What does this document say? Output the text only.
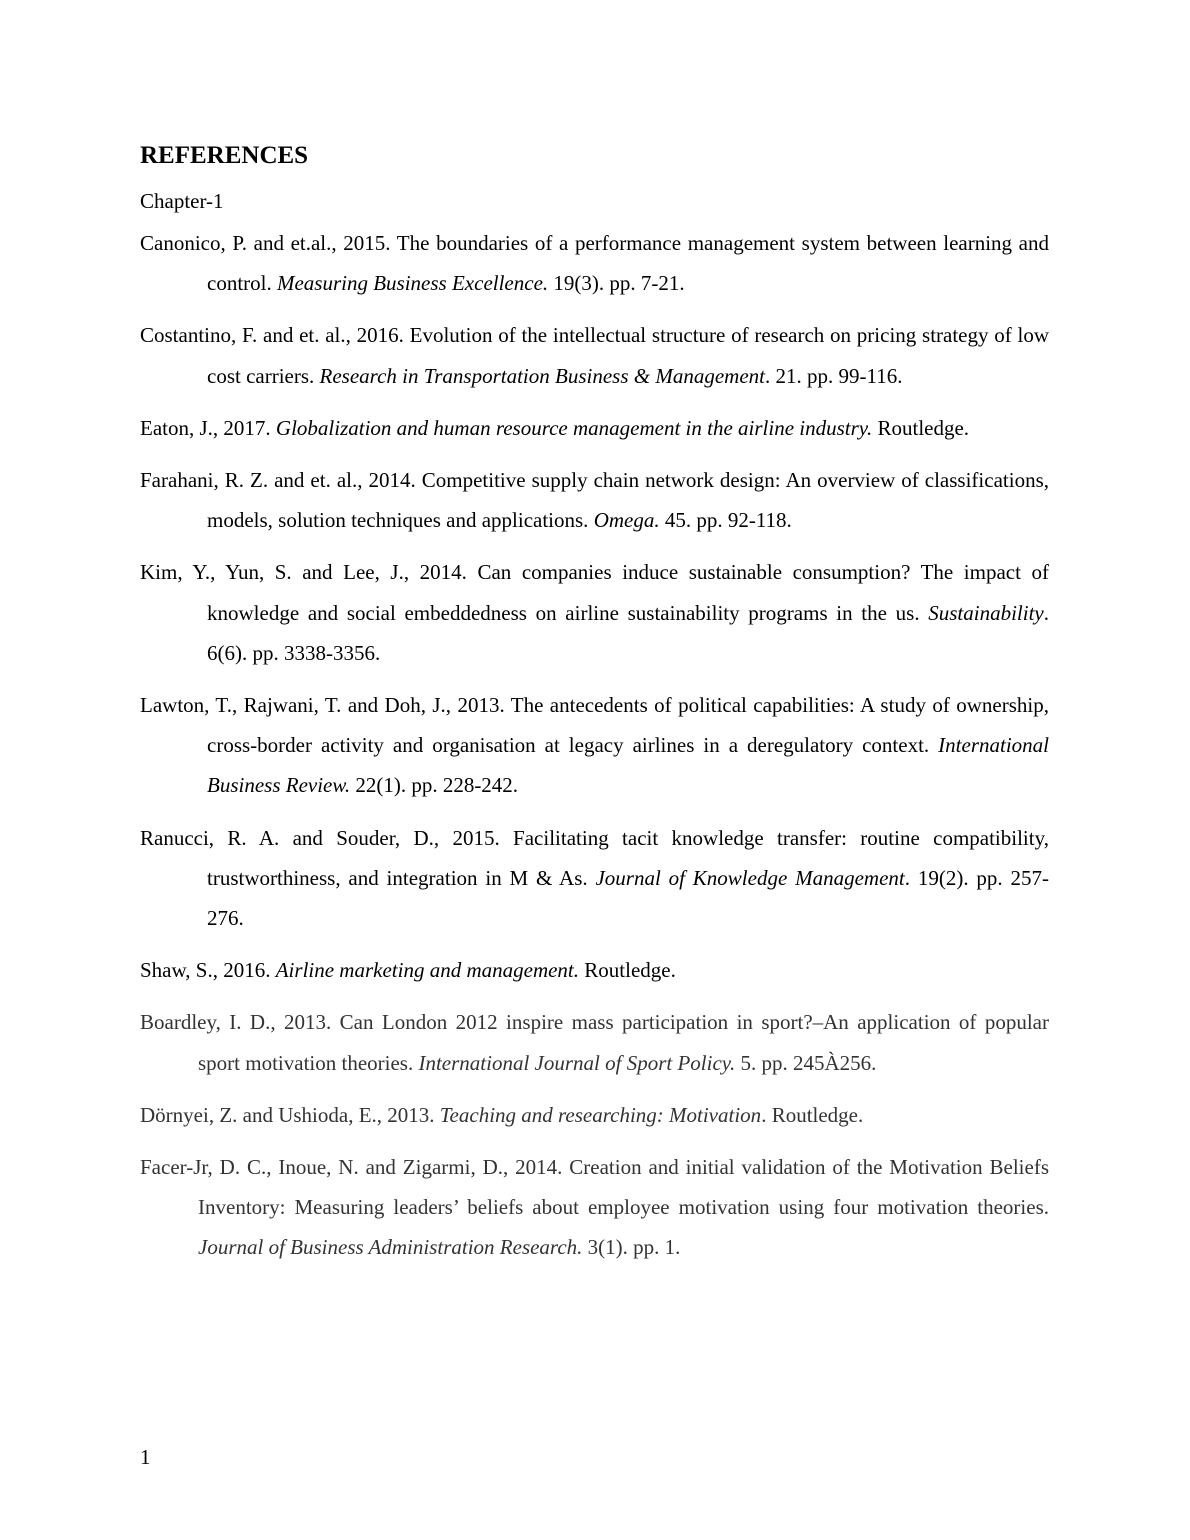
REFERENCES
Chapter-1

Canonico, P. and et.al., 2015. The boundaries of a performance management system between learning and control. Measuring Business Excellence. 19(3). pp. 7-21.

Costantino, F. and et. al., 2016. Evolution of the intellectual structure of research on pricing strategy of low cost carriers. Research in Transportation Business & Management. 21. pp. 99-116.

Eaton, J., 2017. Globalization and human resource management in the airline industry. Routledge.

Farahani, R. Z. and et. al., 2014. Competitive supply chain network design: An overview of classifications, models, solution techniques and applications. Omega. 45. pp. 92-118.

Kim, Y., Yun, S. and Lee, J., 2014. Can companies induce sustainable consumption? The impact of knowledge and social embeddedness on airline sustainability programs in the us. Sustainability. 6(6). pp. 3338-3356.

Lawton, T., Rajwani, T. and Doh, J., 2013. The antecedents of political capabilities: A study of ownership, cross-border activity and organisation at legacy airlines in a deregulatory context. International Business Review. 22(1). pp. 228-242.

Ranucci, R. A. and Souder, D., 2015. Facilitating tacit knowledge transfer: routine compatibility, trustworthiness, and integration in M & As. Journal of Knowledge Management. 19(2). pp. 257-276.

Shaw, S., 2016. Airline marketing and management. Routledge.

Boardley, I. D., 2013. Can London 2012 inspire mass participation in sport?–An application of popular sport motivation theories. International Journal of Sport Policy. 5. pp. 245À256.

Dörnyei, Z. and Ushioda, E., 2013. Teaching and researching: Motivation. Routledge.

Facer-Jr, D. C., Inoue, N. and Zigarmi, D., 2014. Creation and initial validation of the Motivation Beliefs Inventory: Measuring leaders’ beliefs about employee motivation using four motivation theories. Journal of Business Administration Research. 3(1). pp. 1.

1
